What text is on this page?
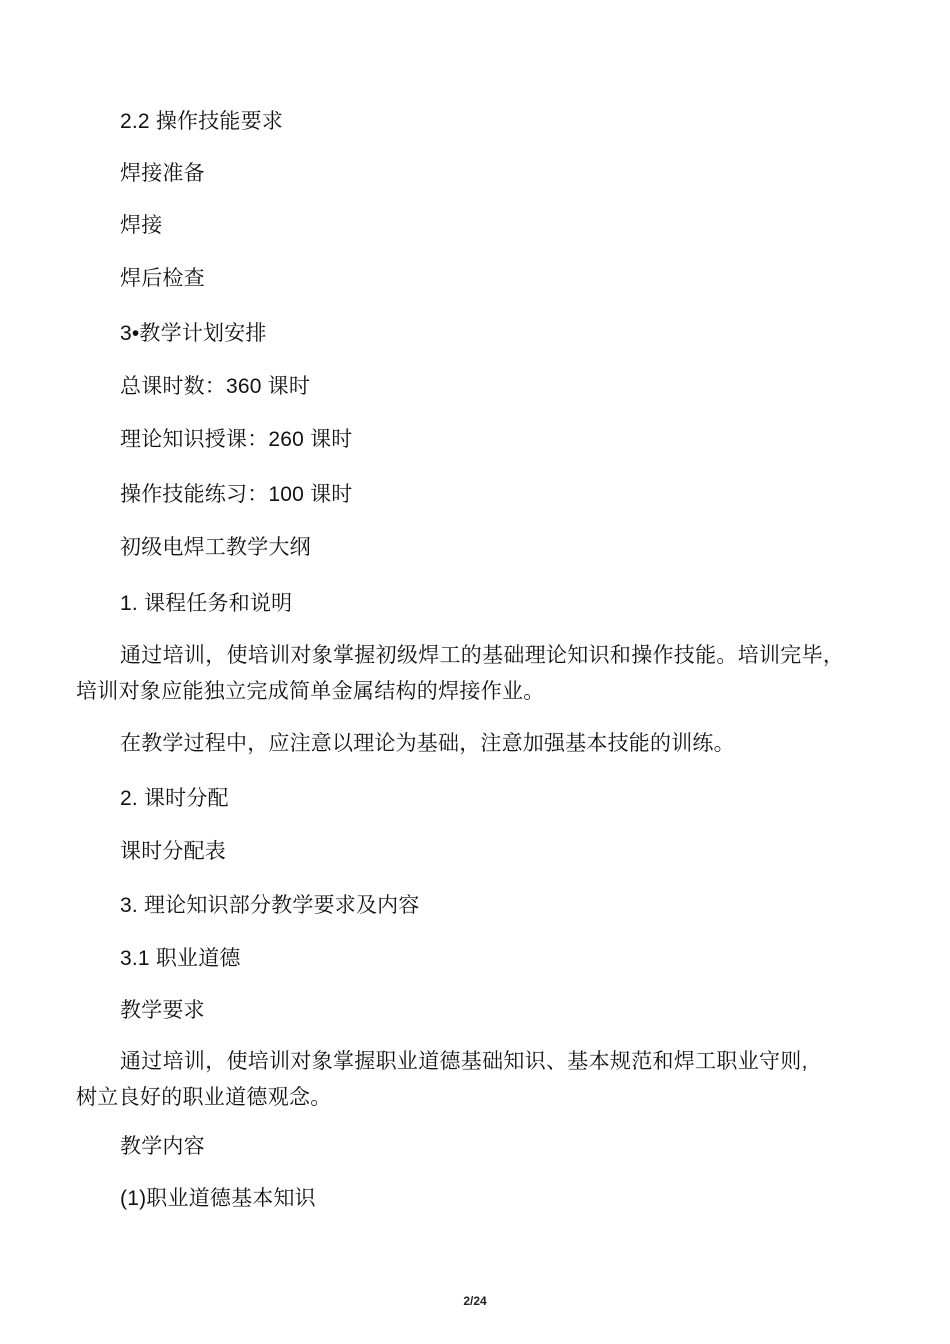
2.2 操作技能要求
焊接准备
焊接
焊后检查
3•教学计划安排
总课时数：360 课时
理论知识授课：260 课时
操作技能练习：100 课时
初级电焊工教学大纲
1. 课程任务和说明
通过培训，使培训对象掌握初级焊工的基础理论知识和操作技能。培训完毕，
培训对象应能独立完成简单金属结构的焊接作业。
在教学过程中，应注意以理论为基础，注意加强基本技能的训练。
2. 课时分配
课时分配表
3. 理论知识部分教学要求及内容
3.1 职业道德
教学要求
通过培训，使培训对象掌握职业道德基础知识、基本规范和焊工职业守则,
树立良好的职业道德观念。
教学内容
(1)职业道德基本知识
2/24
